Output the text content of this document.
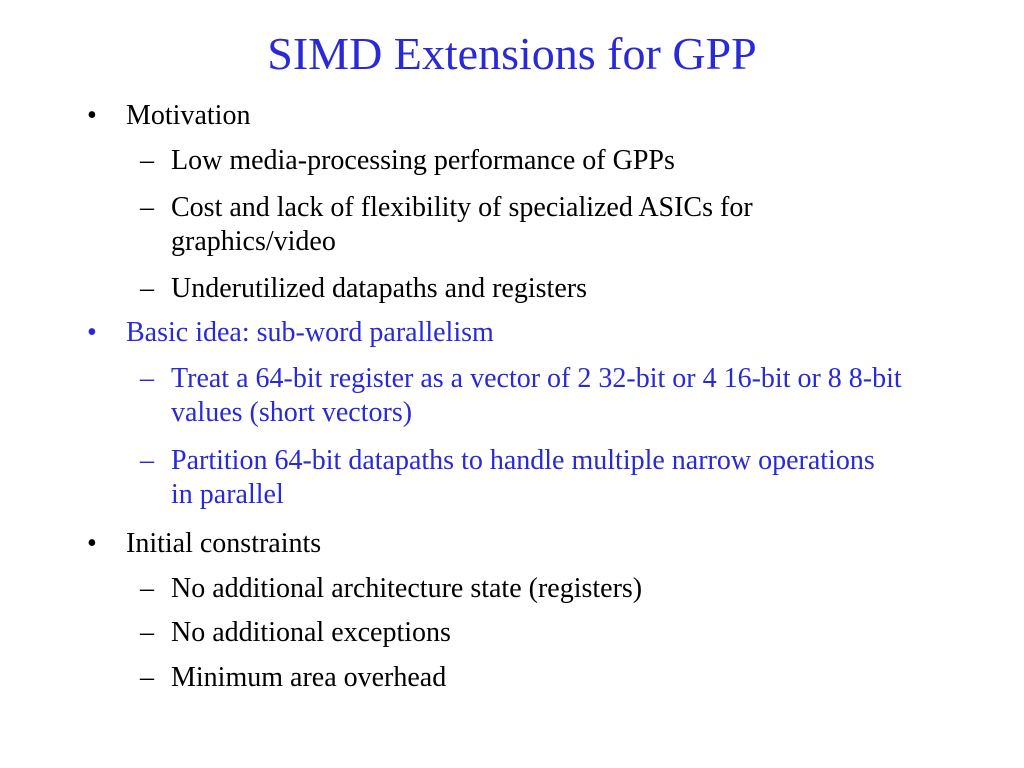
SIMD Extensions for GPP
• Motivation
– Low media-processing performance of GPPs
– Cost and lack of flexibility of specialized ASICs for graphics/video
– Underutilized datapaths and registers
• Basic idea: sub-word parallelism
– Treat a 64-bit register as a vector of 2 32-bit or 4 16-bit or 8 8-bit values (short vectors)
– Partition 64-bit datapaths to handle multiple narrow operations in parallel
• Initial constraints
– No additional architecture state (registers)
– No additional exceptions
– Minimum area overhead
